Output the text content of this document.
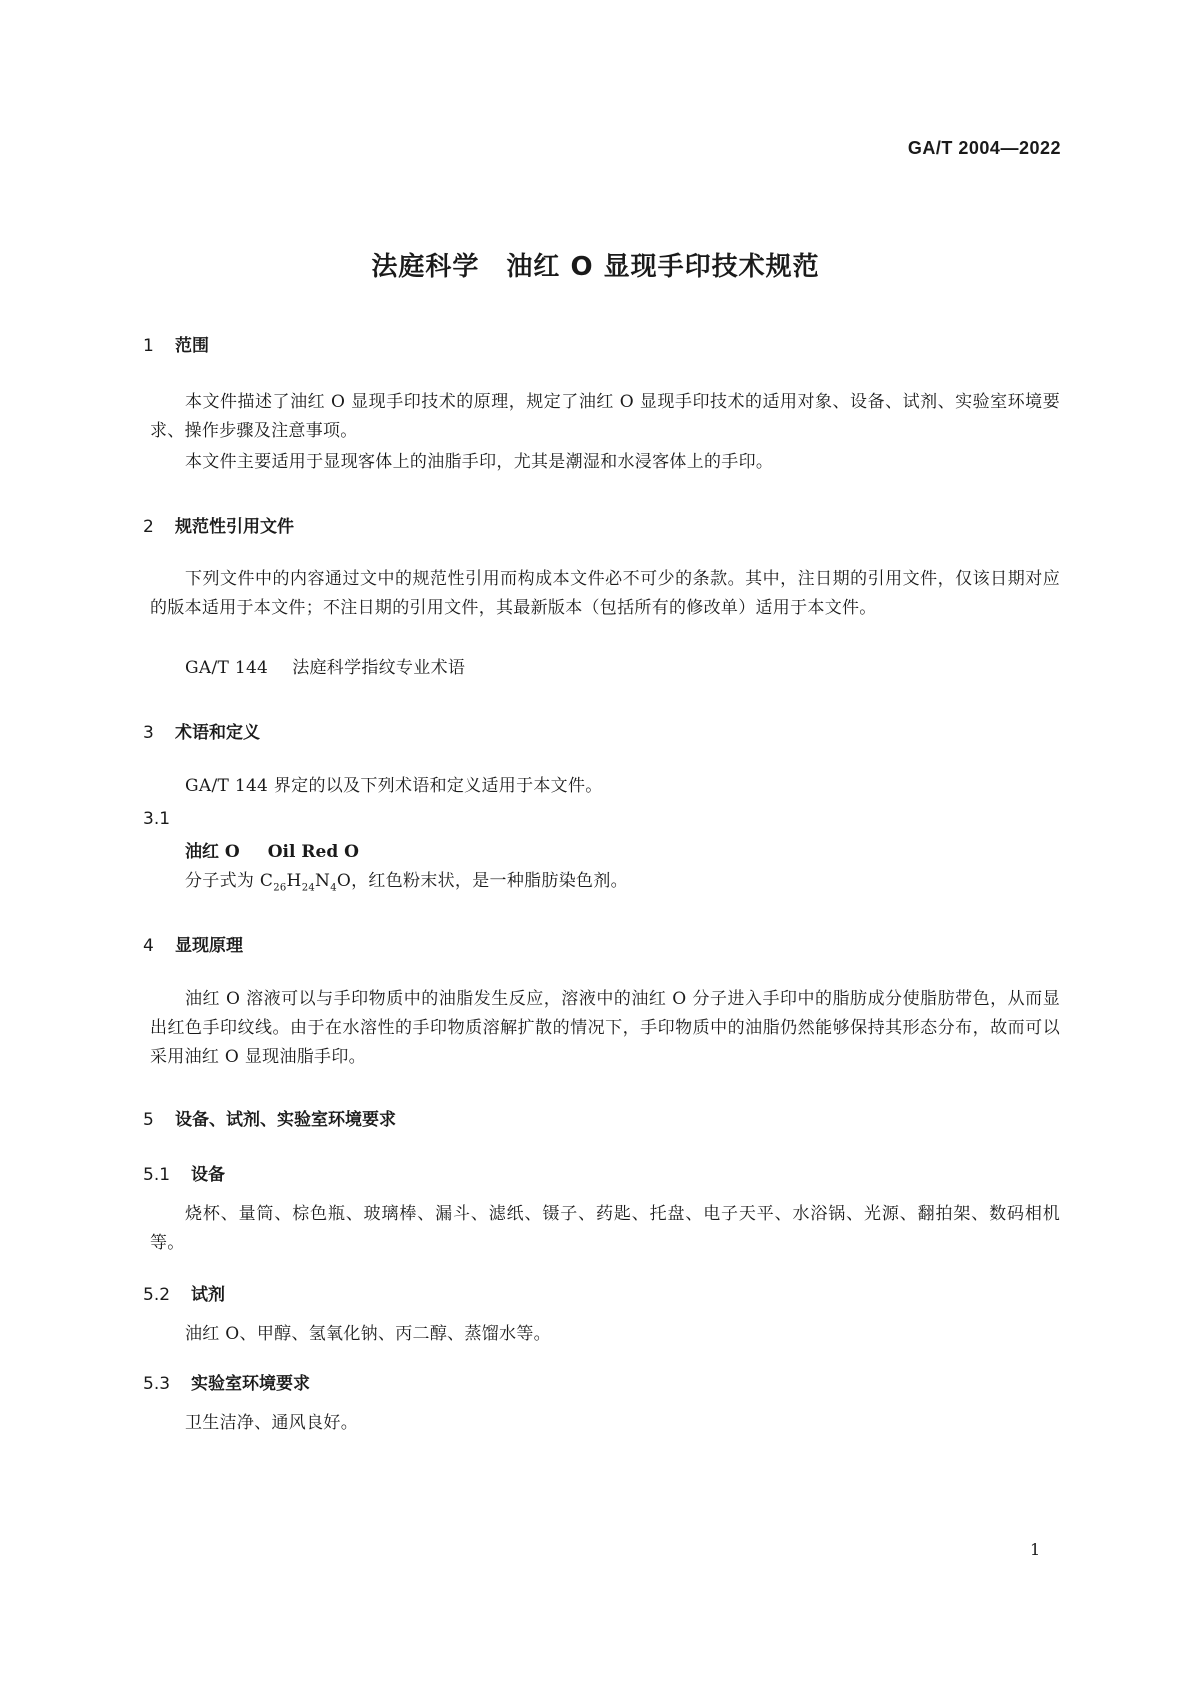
GA/T 2004—2022
法庭科学　油红 O 显现手印技术规范
1 范围
本文件描述了油红 O 显现手印技术的原理，规定了油红 O 显现手印技术的适用对象、设备、试剂、实验室环境要求、操作步骤及注意事项。
本文件主要适用于显现客体上的油脂手印，尤其是潮湿和水浸客体上的手印。
2 规范性引用文件
下列文件中的内容通过文中的规范性引用而构成本文件必不可少的条款。其中，注日期的引用文件，仅该日期对应的版本适用于本文件；不注日期的引用文件，其最新版本（包括所有的修改单）适用于本文件。
GA/T 144 法庭科学指纹专业术语
3 术语和定义
GA/T 144 界定的以及下列术语和定义适用于本文件。
3.1
油红 O Oil Red O
分子式为 $C_{26}H_{24}N_4O$，红色粉末状，是一种脂肪染色剂。
4 显现原理
油红 O 溶液可以与手印物质中的油脂发生反应，溶液中的油红 O 分子进入手印中的脂肪成分使脂肪带色，从而显出红色手印纹线。由于在水溶性的手印物质溶解扩散的情况下，手印物质中的油脂仍然能够保持其形态分布，故而可以采用油红 O 显现油脂手印。
5 设备、试剂、实验室环境要求
5.1 设备
烧杯、量筒、棕色瓶、玻璃棒、漏斗、滤纸、镊子、药匙、托盘、电子天平、水浴锅、光源、翻拍架、数码相机等。
5.2 试剂
油红 O、甲醇、氢氧化钠、丙二醇、蒸馏水等。
5.3 实验室环境要求
卫生洁净、通风良好。
1
